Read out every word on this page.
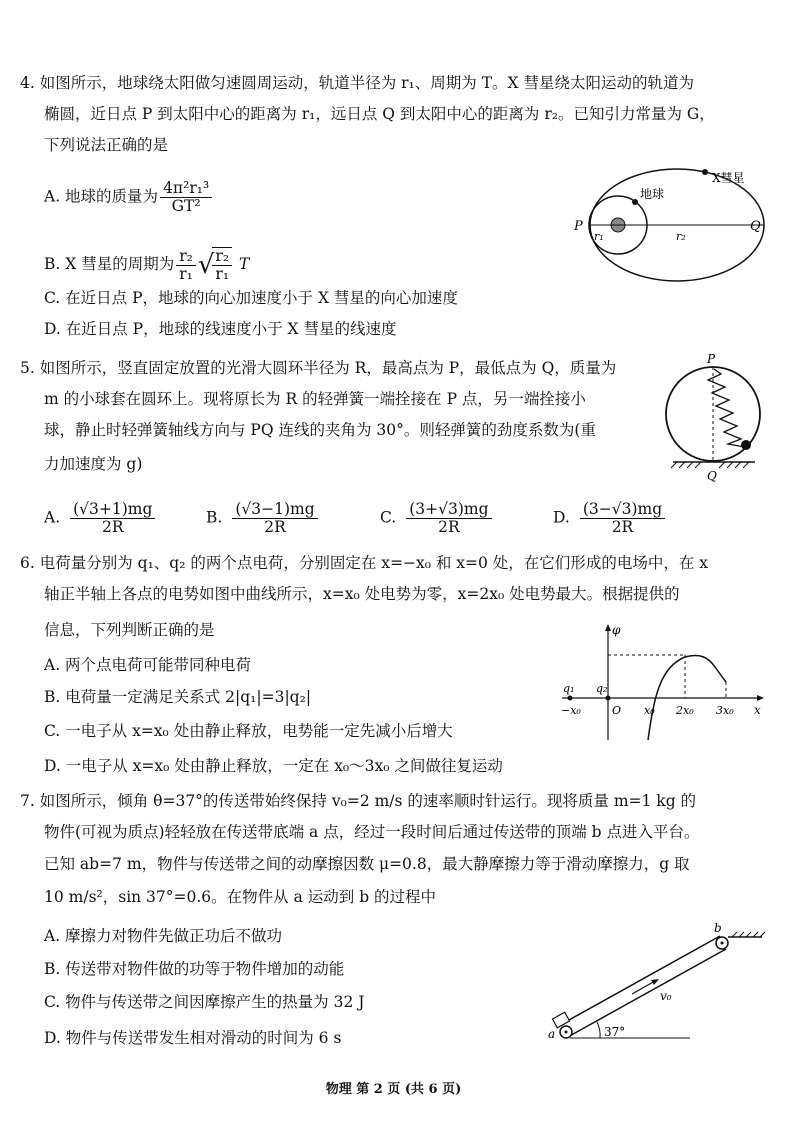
4. 如图所示，地球绕太阳做匀速圆周运动，轨道半径为 r₁、周期为 T。X 彗星绕太阳运动的轨道为
椭圆，近日点 P 到太阳中心的距离为 r₁，远日点 Q 到太阳中心的距离为 r₂。已知引力常量为 G，
下列说法正确的是
A. 地球的质量为 $\frac{\text{4π²r₁³}}{\text{GT²}}$
B. X 彗星的周期为 $\frac{\text{r₂}}{\text{r₁}}$ √
$\frac{\text{r₂}}{\text{r₁}}$ T
C. 在近日点 P，地球的向心加速度小于 X 彗星的向心加速度
D. 在近日点 P，地球的线速度小于 X 彗星的线速度
地球
X彗星
P	Q
r₁	r₂
5. 如图所示，竖直固定放置的光滑大圆环半径为 R，最高点为 P，最低点为 Q，质量为
m 的小球套在圆环上。现将原长为 R 的轻弹簧一端拴接在 P 点，另一端拴接小
球，静止时轻弹簧轴线方向与 PQ 连线的夹角为 30°。则轻弹簧的劲度系数为(重
力加速度为 g)
A. $\frac{(√3+1)mg}{2R}$	B. $\frac{(√3-1)mg}{2R}$	C. $\frac{(3+√3)mg}{2R}$	D. $\frac{(3-√3)mg}{2R}$
P
Q
6. 电荷量分别为 q₁、q₂ 的两个点电荷，分别固定在 x=−x₀ 和 x=0 处，在它们形成的电场中，在 x
轴正半轴上各点的电势如图中曲线所示，x=x₀ 处电势为零，x=2x₀ 处电势最大。根据提供的
信息，下列判断正确的是
A. 两个点电荷可能带同种电荷
B. 电荷量一定满足关系式 2|q₁|=3|q₂|
C. 一电子从 x=x₀ 处由静止释放，电势能一定先减小后增大
D. 一电子从 x=x₀ 处由静止释放，一定在 x₀～3x₀ 之间做往复运动
φ
x
q₁ q₂
−x₀	O x₀ 2x₀ 3x₀
7. 如图所示，倾角 θ=37°的传送带始终保持 v₀=2 m/s 的速率顺时针运行。现将质量 m=1 kg 的
物件(可视为质点)轻轻放在传送带底端 a 点，经过一段时间后通过传送带的顶端 b 点进入平台。
已知 ab=7 m，物件与传送带之间的动摩擦因数 μ=0.8，最大静摩擦力等于滑动摩擦力，g 取
10 m/s²，sin 37°=0.6。在物件从 a 运动到 b 的过程中
A. 摩擦力对物件先做正功后不做功
B. 传送带对物件做的功等于物件增加的动能
C. 物件与传送带之间因摩擦产生的热量为 32 J
D. 物件与传送带发生相对滑动的时间为 6 s
v₀
37°
a
b
物理 第 2 页 (共 6 页)
